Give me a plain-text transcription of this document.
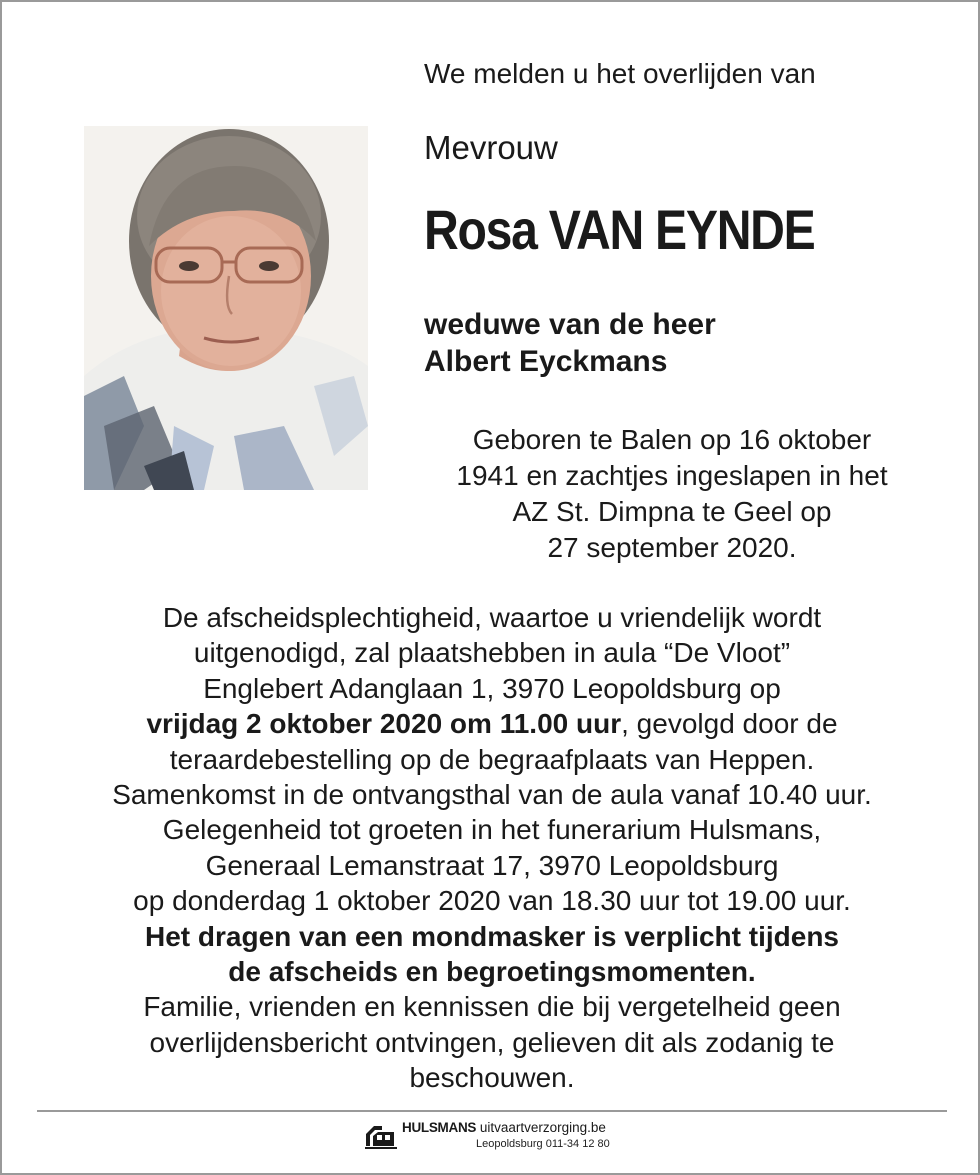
We melden u het overlijden van

Mevrouw

Rosa VAN EYNDE
weduwe van de heer
Albert Eyckmans
Geboren te Balen op 16 oktober
1941 en zachtjes ingeslapen in het
AZ St. Dimpna te Geel op
27 september 2020.
De afscheidsplechtigheid, waartoe u vriendelijk wordt
uitgenodigd, zal plaatshebben in aula “De Vloot”
Englebert Adanglaan 1, 3970 Leopoldsburg op
vrijdag 2 oktober 2020 om 11.00 uur, gevolgd door de
teraardebestelling op de begraafplaats van Heppen.
Samenkomst in de ontvangsthal van de aula vanaf 10.40 uur.
Gelegenheid tot groeten in het funerarium Hulsmans,
Generaal Lemanstraat 17, 3970 Leopoldsburg
op donderdag 1 oktober 2020 van 18.30 uur tot 19.00 uur.
Het dragen van een mondmasker is verplicht tijdens
de afscheids en begroetingsmomenten.
Familie, vrienden en kennissen die bij vergetelheid geen
overlijdensbericht ontvingen, gelieven dit als zodanig te
beschouwen.
HULSMANS uitvaartverzorging.be
Leopoldsburg 011-34 12 80
